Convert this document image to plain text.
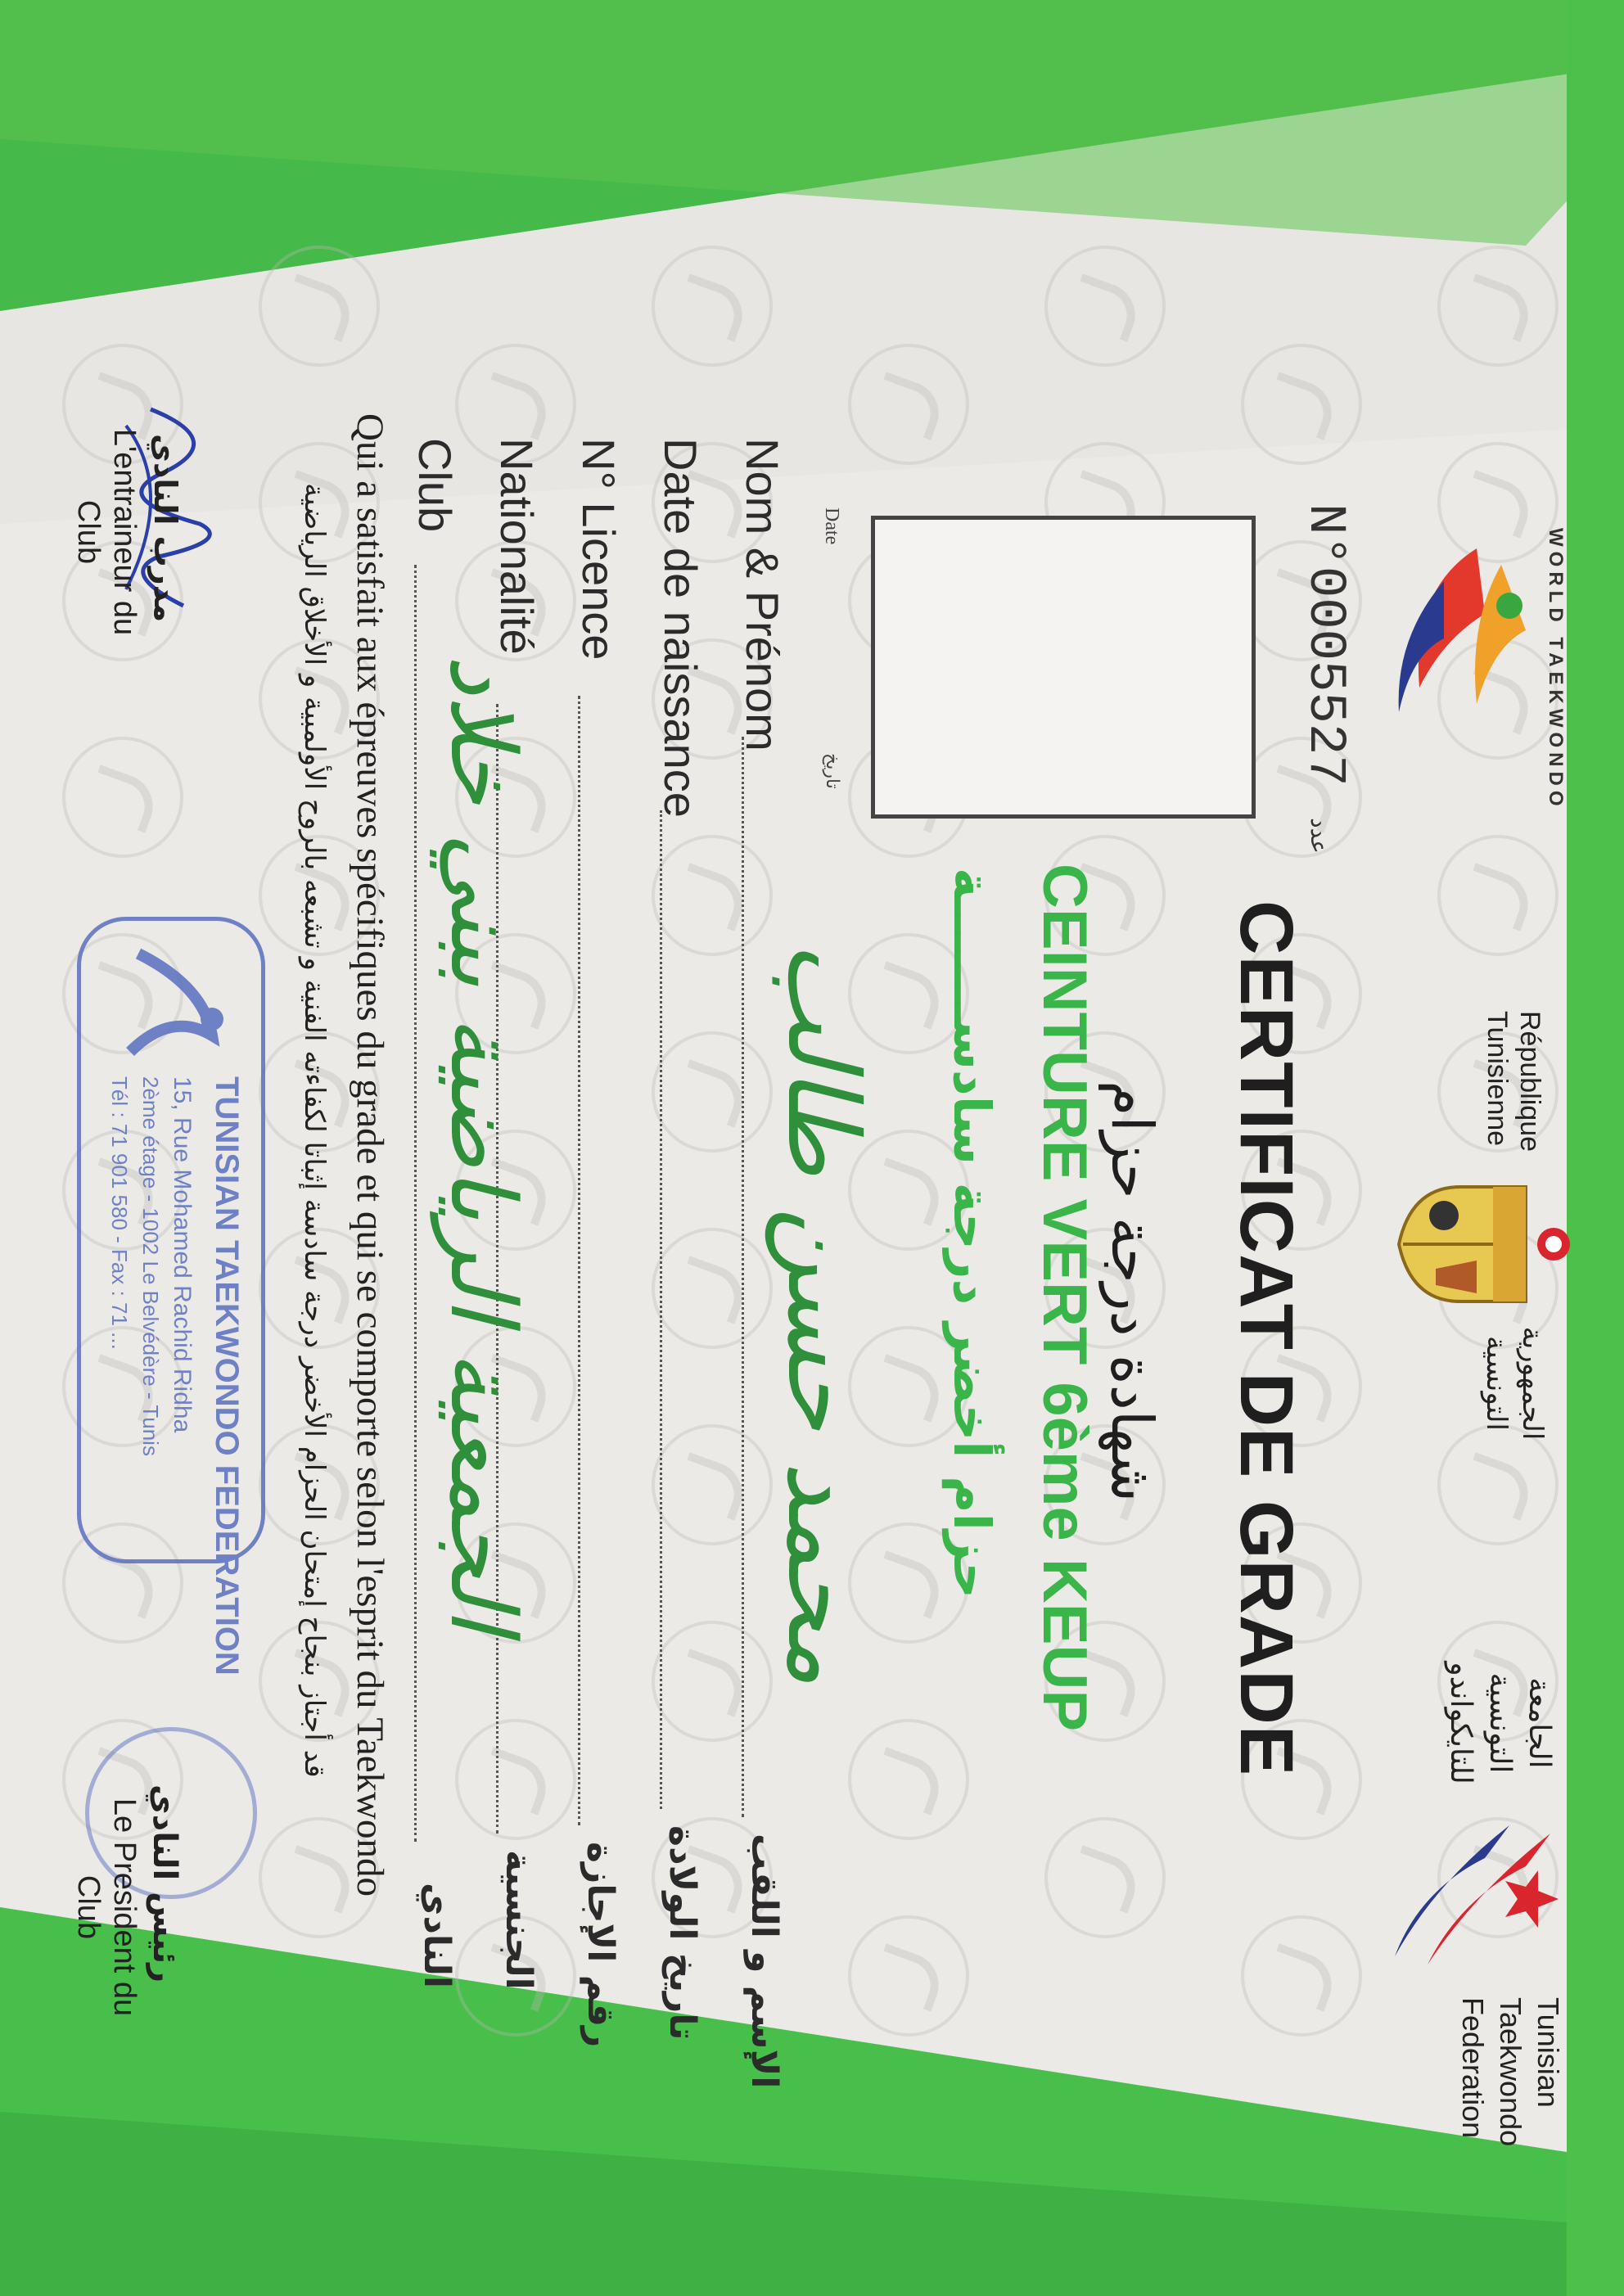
WORLD TAEKWONDO
République Tunisienne
الجمهورية التونسية
الجامعة التونسية للتايكواندو
Tunisian Taekwondo Federation
N°0005527 عدد
Date
تاريخ
CERTIFICAT DE GRADE
شهادة درجة حزام
CEINTURE VERT 6ème KEUP
حزام أخضر درجة سادســـــــة
Nom & Prénom
محمد حسن طالب
الإسم و اللقب
Date de naissance
تاريخ الولادة
N° Licence
رقم الإجازة
Nationalité
الجنسية
Club
الجمعية الرياضية ببني خلاد
النادي
Qui a satisfait aux épreuves spécifiques du grade et qui se comporte selon l'esprit du Taekwondo
قد أجتاز بنجاح إمتحان الحزام الأخضر درجة سادسة إثباتا لكفاءته الفنية و تشبعه بالروح الأولمبية و الأخلاق الرياضية
مدرب النادي
L'entraineur du Club
TUNISIAN TAEKWONDO FEDERATION
15, Rue Mohamed Rachid Ridha
2ème étage - 1002 Le Belvédère - Tunis
Tél : 71 901 580 - Fax : 71 ...
رئيس النادي
Le President du Club
